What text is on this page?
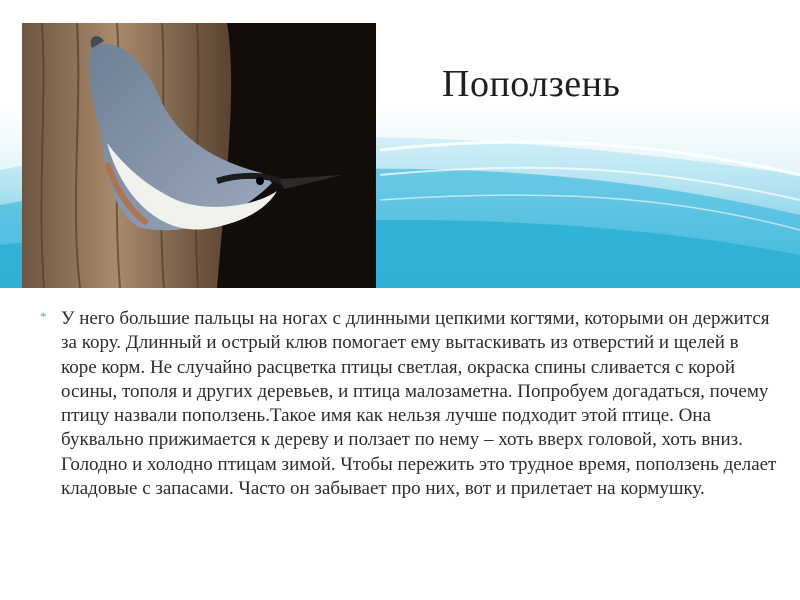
Поползень
* У него большие пальцы на ногах с длинными цепкими когтями, которыми он держится за кору. Длинный и острый клюв помогает ему вытаскивать из отверстий и щелей в коре корм. Не случайно расцветка птицы светлая, окраска спины сливается с корой осины, тополя и других деревьев, и птица малозаметна. Попробуем догадаться, почему птицу назвали поползень.Такое имя как нельзя лучше подходит этой птице. Она буквально прижимается к дереву и ползает по нему – хоть вверх головой, хоть вниз. Голодно и холодно птицам зимой. Чтобы пережить это трудное время, поползень делает кладовые с запасами. Часто он забывает про них, вот и прилетает на кормушку.
